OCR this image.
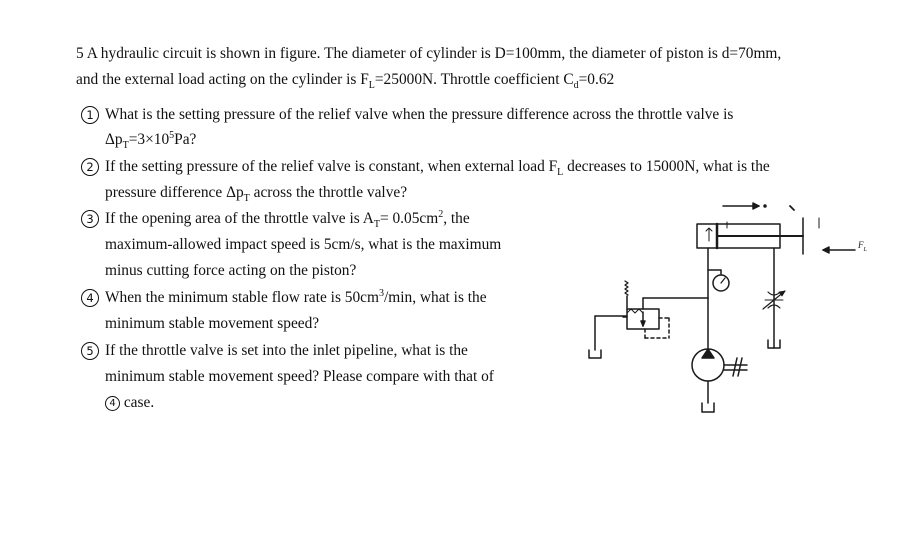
5 A hydraulic circuit is shown in figure. The diameter of cylinder is D=100mm, the diameter of piston is d=70mm,
and the external load acting on the cylinder is $F_L=25000N$. Throttle coefficient $C_d=0.62$
1 What is the setting pressure of the relief valve when the pressure difference across the throttle valve is
$\Delta p_T=3\times 10^5Pa$?
2 If the setting pressure of the relief valve is constant, when external load $F_L$ decreases to 15000N, what is the
pressure difference $\Delta p_T$ across the throttle valve?
3 If the opening area of the throttle valve is $A_T= 0.05cm^2$, the
maximum-allowed impact speed is 5cm/s, what is the maximum
minus cutting force acting on the piston?
4 When the minimum stable flow rate is $50cm^3/\min$, what is the
minimum stable movement speed?
5 If the throttle valve is set into the inlet pipeline, what is the
minimum stable movement speed? Please compare with that of
4 case.
$F_L$
